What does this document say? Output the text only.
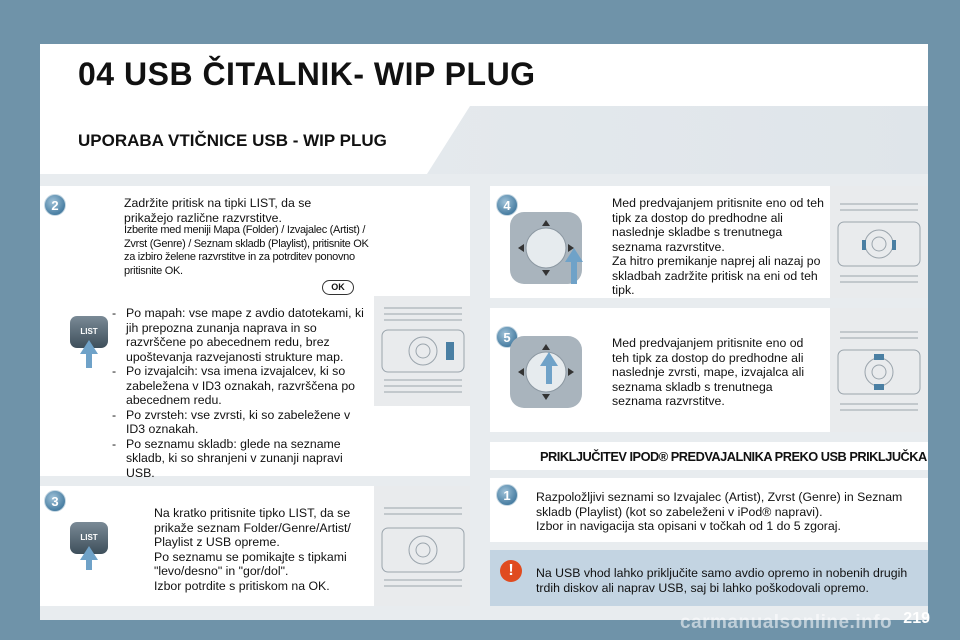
04 USB ČITALNIK- WIP PLUG
UPORABA VTIČNICE USB - WIP PLUG
2	Zadržite pritisk na tipki LIST, da se prikažejo različne razvrstitve.
Izberite med meniji Mapa (Folder) / Izvajalec (Artist) / Zvrst (Genre) / Seznam skladb (Playlist), pritisnite OK za izbiro želene razvrstitve in za potrditev ponovno pritisnite OK.
OK
LIST
- Po mapah: vse mape z avdio datotekami, ki jih prepozna zunanja naprava in so razvrščene po abecednem redu, brez upoštevanja razvejanosti strukture map.
- Po izvajalcih: vsa imena izvajalcev, ki so zabeležena v ID3 oznakah, razvrščena po abecednem redu.
- Po zvrsteh: vse zvrsti, ki so zabeležene v ID3 oznakah.
- Po seznamu skladb: glede na sezname skladb, ki so shranjeni v zunanji napravi USB.
3
LIST
Na kratko pritisnite tipko LIST, da se prikaže seznam Folder/Genre/Artist/ Playlist z USB opreme.
Po seznamu se pomikajte s tipkami "levo/desno" in "gor/dol".
Izbor potrdite s pritiskom na OK.
4	Med predvajanjem pritisnite eno od teh tipk za dostop do predhodne ali naslednje skladbe s trenutnega seznama razvrstitve.
Za hitro premikanje naprej ali nazaj po skladbah zadržite pritisk na eni od teh tipk.
5	Med predvajanjem pritisnite eno od teh tipk za dostop do predhodne ali naslednje zvrsti, mape, izvajalca ali seznama skladb s trenutnega seznama razvrstitve.
PRIKLJUČITEV IPOD® PREDVAJALNIKA PREKO USB PRIKLJUČKA
1	Razpoložljivi seznami so Izvajalec (Artist), Zvrst (Genre) in Seznam skladb (Playlist) (kot so zabeleženi v iPod® napravi).
Izbor in navigacija sta opisani v točkah od 1 do 5 zgoraj.
!	Na USB vhod lahko priključite samo avdio opremo in nobenih drugih trdih diskov ali naprav USB, saj bi lahko poškodovali opremo.
carmanualsonline.info 219
